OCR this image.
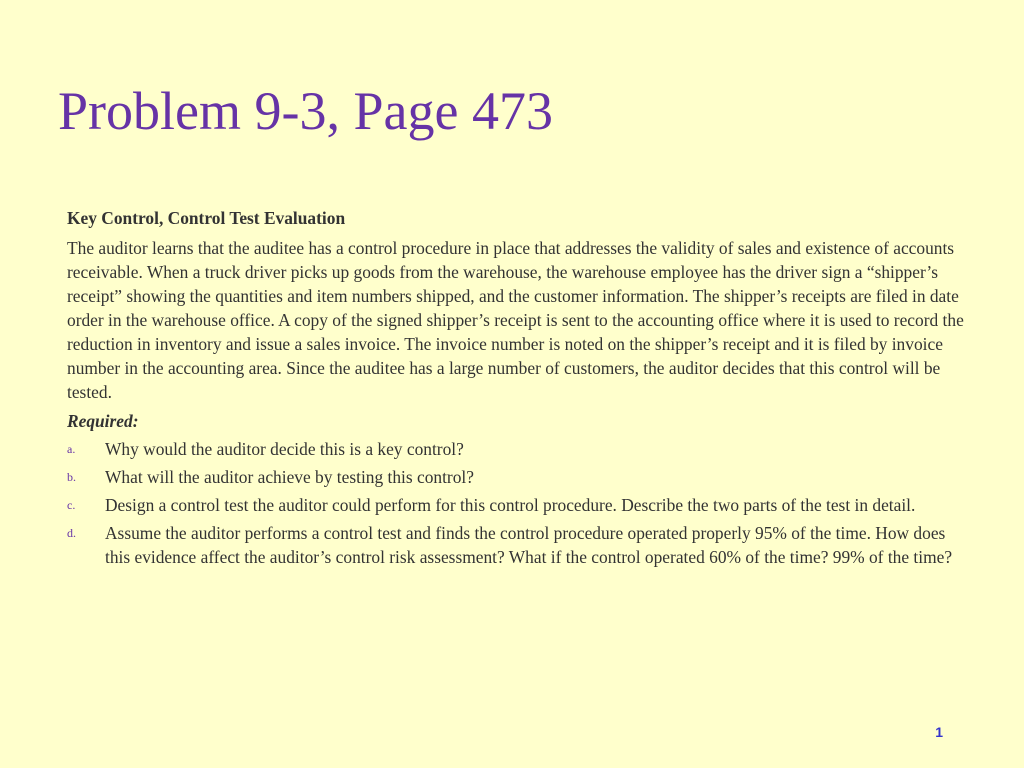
Problem 9-3, Page 473

Key Control, Control Test Evaluation

The auditor learns that the auditee has a control procedure in place that addresses the validity of sales and existence of accounts receivable. When a truck driver picks up goods from the warehouse, the warehouse employee has the driver sign a “shipper’s receipt” showing the quantities and item numbers shipped, and the customer information. The shipper’s receipts are filed in date order in the warehouse office. A copy of the signed shipper’s receipt is sent to the accounting office where it is used to record the reduction in inventory and issue a sales invoice. The invoice number is noted on the shipper’s receipt and it is filed by invoice number in the accounting area. Since the auditee has a large number of customers, the auditor decides that this control will be tested.

Required:

a.	Why would the auditor decide this is a key control?
b.	What will the auditor achieve by testing this control?
c.	Design a control test the auditor could perform for this control procedure. Describe the two parts of the test in detail.
d.	Assume the auditor performs a control test and finds the control procedure operated properly 95% of the time. How does this evidence affect the auditor’s control risk assessment? What if the control operated 60% of the time? 99% of the time?
1
